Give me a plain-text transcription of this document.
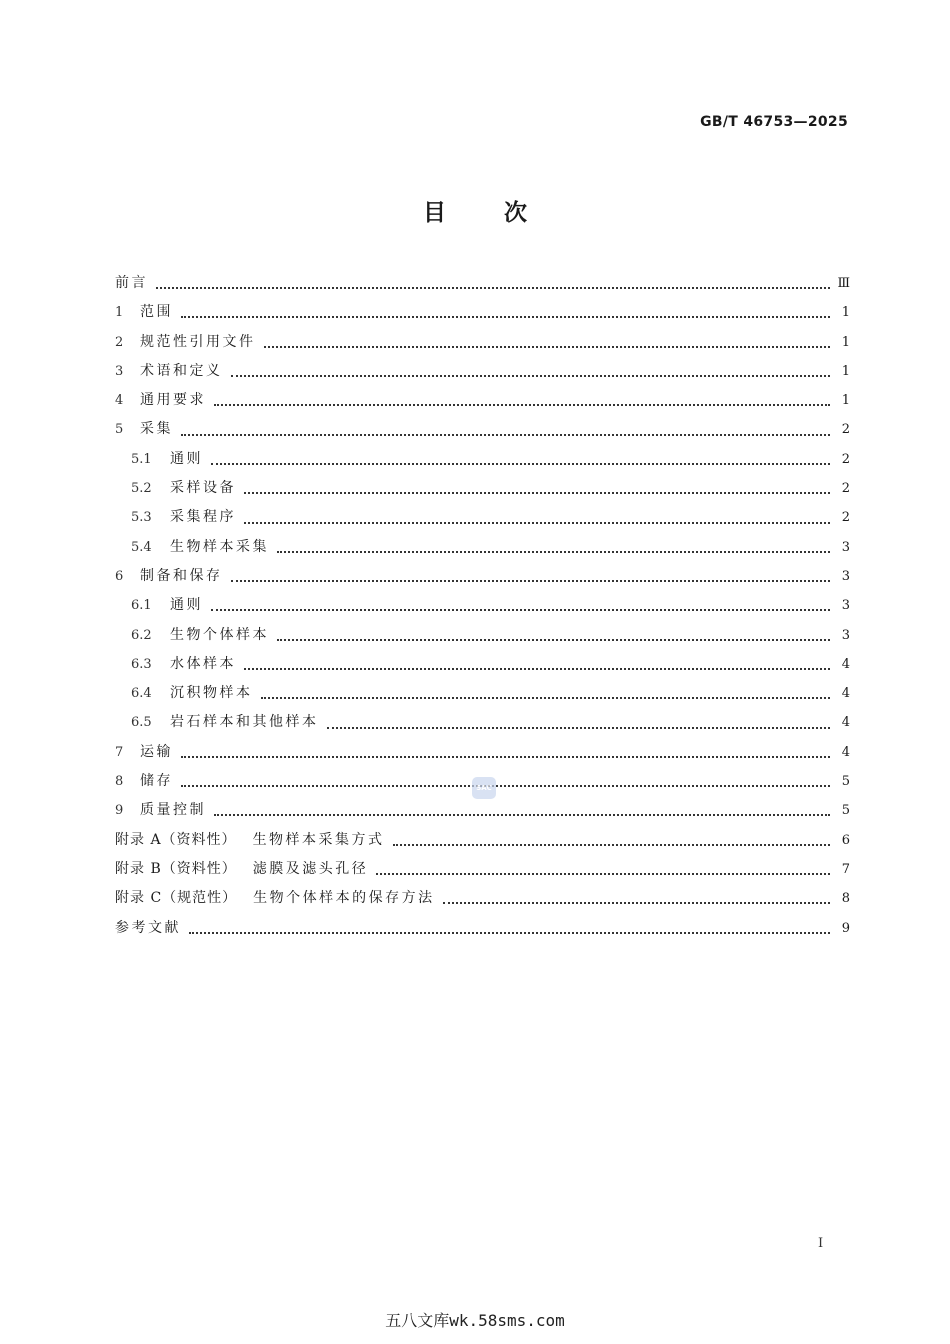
GB/T 46753—2025
目	次
前言	Ⅲ
1	范围	1
2	规范性引用文件	1
3	术语和定义	1
4	通用要求	1
5	采集	2
5.1	通则	2
5.2	采样设备	2
5.3	采集程序	2
5.4	生物样本采集	3
6	制备和保存	3
6.1	通则	3
6.2	生物个体样本	3
6.3	水体样本	4
6.4	沉积物样本	4
6.5	岩石样本和其他样本	4
7	运输	4
8	储存	5
9	质量控制	5
附录 A（资料性） 生物样本采集方式	6
附录 B（资料性） 滤膜及滤头孔径	7
附录 C（规范性） 生物个体样本的保存方法	8
参考文献	9
SAC
I
五八文库wk.58sms.com
